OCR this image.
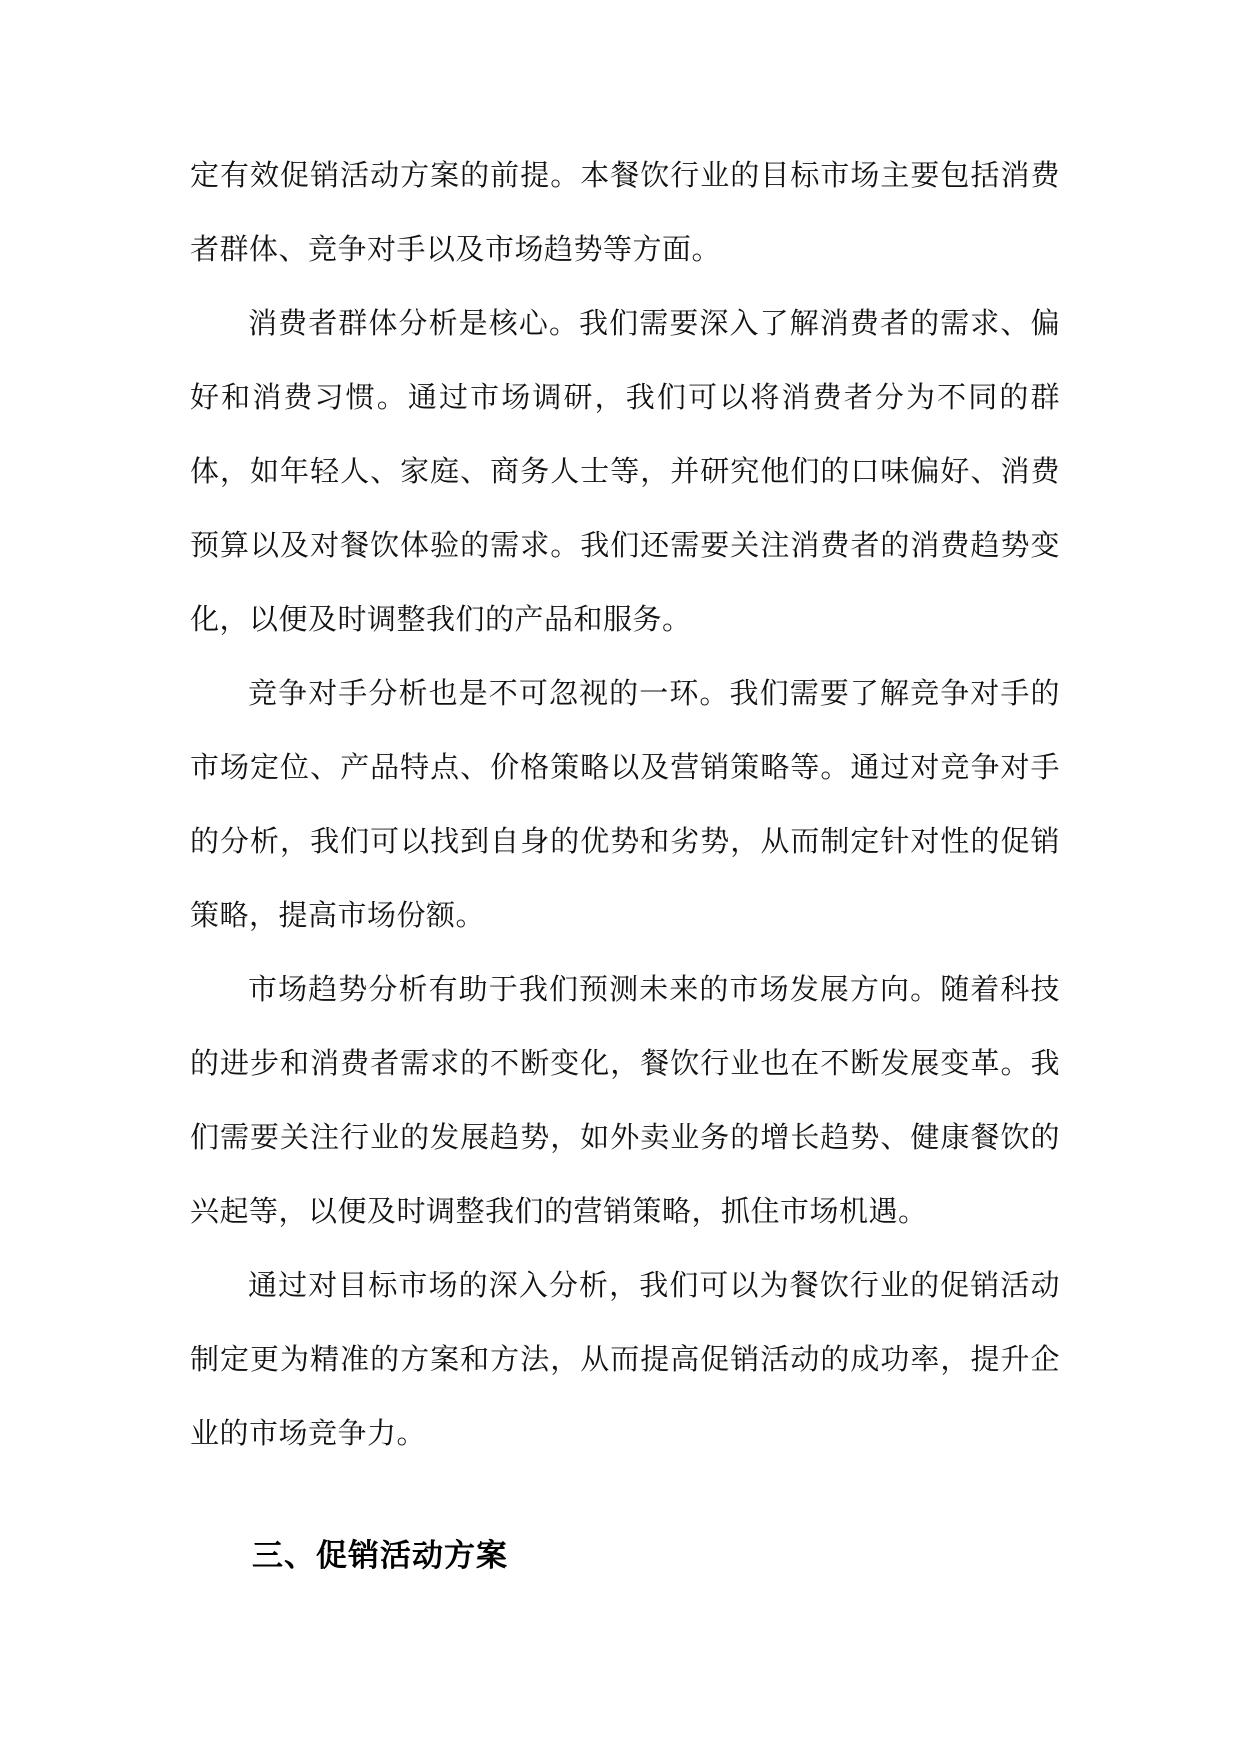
定有效促销活动方案的前提。本餐饮行业的目标市场主要包括消费者群体、竞争对手以及市场趋势等方面。

消费者群体分析是核心。我们需要深入了解消费者的需求、偏好和消费习惯。通过市场调研，我们可以将消费者分为不同的群体，如年轻人、家庭、商务人士等，并研究他们的口味偏好、消费预算以及对餐饮体验的需求。我们还需要关注消费者的消费趋势变化，以便及时调整我们的产品和服务。

竞争对手分析也是不可忽视的一环。我们需要了解竞争对手的市场定位、产品特点、价格策略以及营销策略等。通过对竞争对手的分析，我们可以找到自身的优势和劣势，从而制定针对性的促销策略，提高市场份额。

市场趋势分析有助于我们预测未来的市场发展方向。随着科技的进步和消费者需求的不断变化，餐饮行业也在不断发展变革。我们需要关注行业的发展趋势，如外卖业务的增长趋势、健康餐饮的兴起等，以便及时调整我们的营销策略，抓住市场机遇。

通过对目标市场的深入分析，我们可以为餐饮行业的促销活动制定更为精准的方案和方法，从而提高促销活动的成功率，提升企业的市场竞争力。

三、促销活动方案
